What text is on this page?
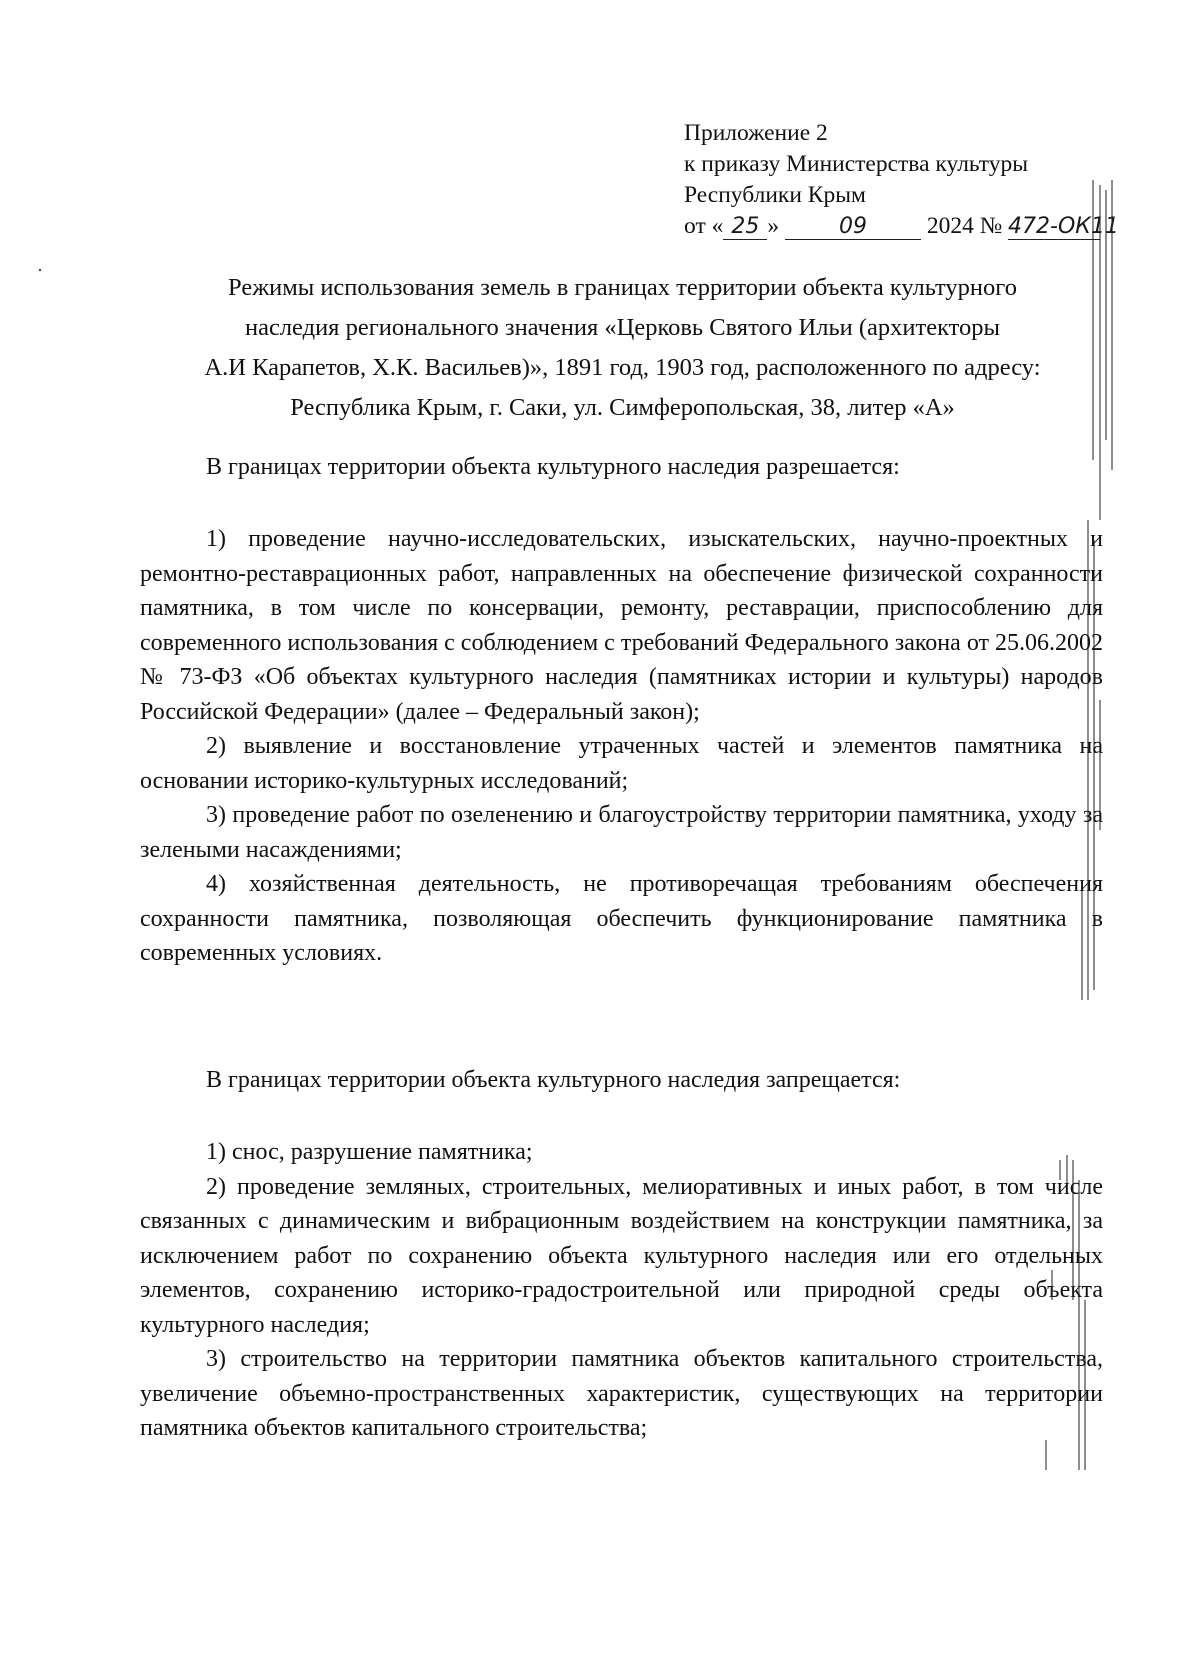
Приложение 2
к приказу Министерства культуры
Республики Крым
от « 25 »	09	2024 № 472-ОК11
Режимы использования земель в границах территории объекта культурного
наследия регионального значения «Церковь Святого Ильи (архитекторы
А.И Карапетов, Х.К. Васильев)», 1891 год, 1903 год, расположенного по адресу:
Республика Крым, г. Саки, ул. Симферопольская, 38, литер «А»

В границах территории объекта культурного наследия разрешается:

1) проведение научно-исследовательских, изыскательских, научно-проектных и ремонтно-реставрационных работ, направленных на обеспечение физической сохранности памятника, в том числе по консервации, ремонту, реставрации, приспособлению для современного использования с соблюдением с требований Федерального закона от 25.06.2002 № 73-ФЗ «Об объектах культурного наследия (памятниках истории и культуры) народов Российской Федерации» (далее – Федеральный закон);

2) выявление и восстановление утраченных частей и элементов памятника на основании историко-культурных исследований;

3) проведение работ по озеленению и благоустройству территории памятника, уходу за зелеными насаждениями;

4) хозяйственная деятельность, не противоречащая требованиям обеспечения сохранности памятника, позволяющая обеспечить функционирование памятника в современных условиях.

В границах территории объекта культурного наследия запрещается:

1) снос, разрушение памятника;

2) проведение земляных, строительных, мелиоративных и иных работ, в том числе связанных с динамическим и вибрационным воздействием на конструкции памятника, за исключением работ по сохранению объекта культурного наследия или его отдельных элементов, сохранению историко-градостроительной или природной среды объекта культурного наследия;

3) строительство на территории памятника объектов капитального строительства, увеличение объемно-пространственных характеристик, существующих на территории памятника объектов капитального строительства;
